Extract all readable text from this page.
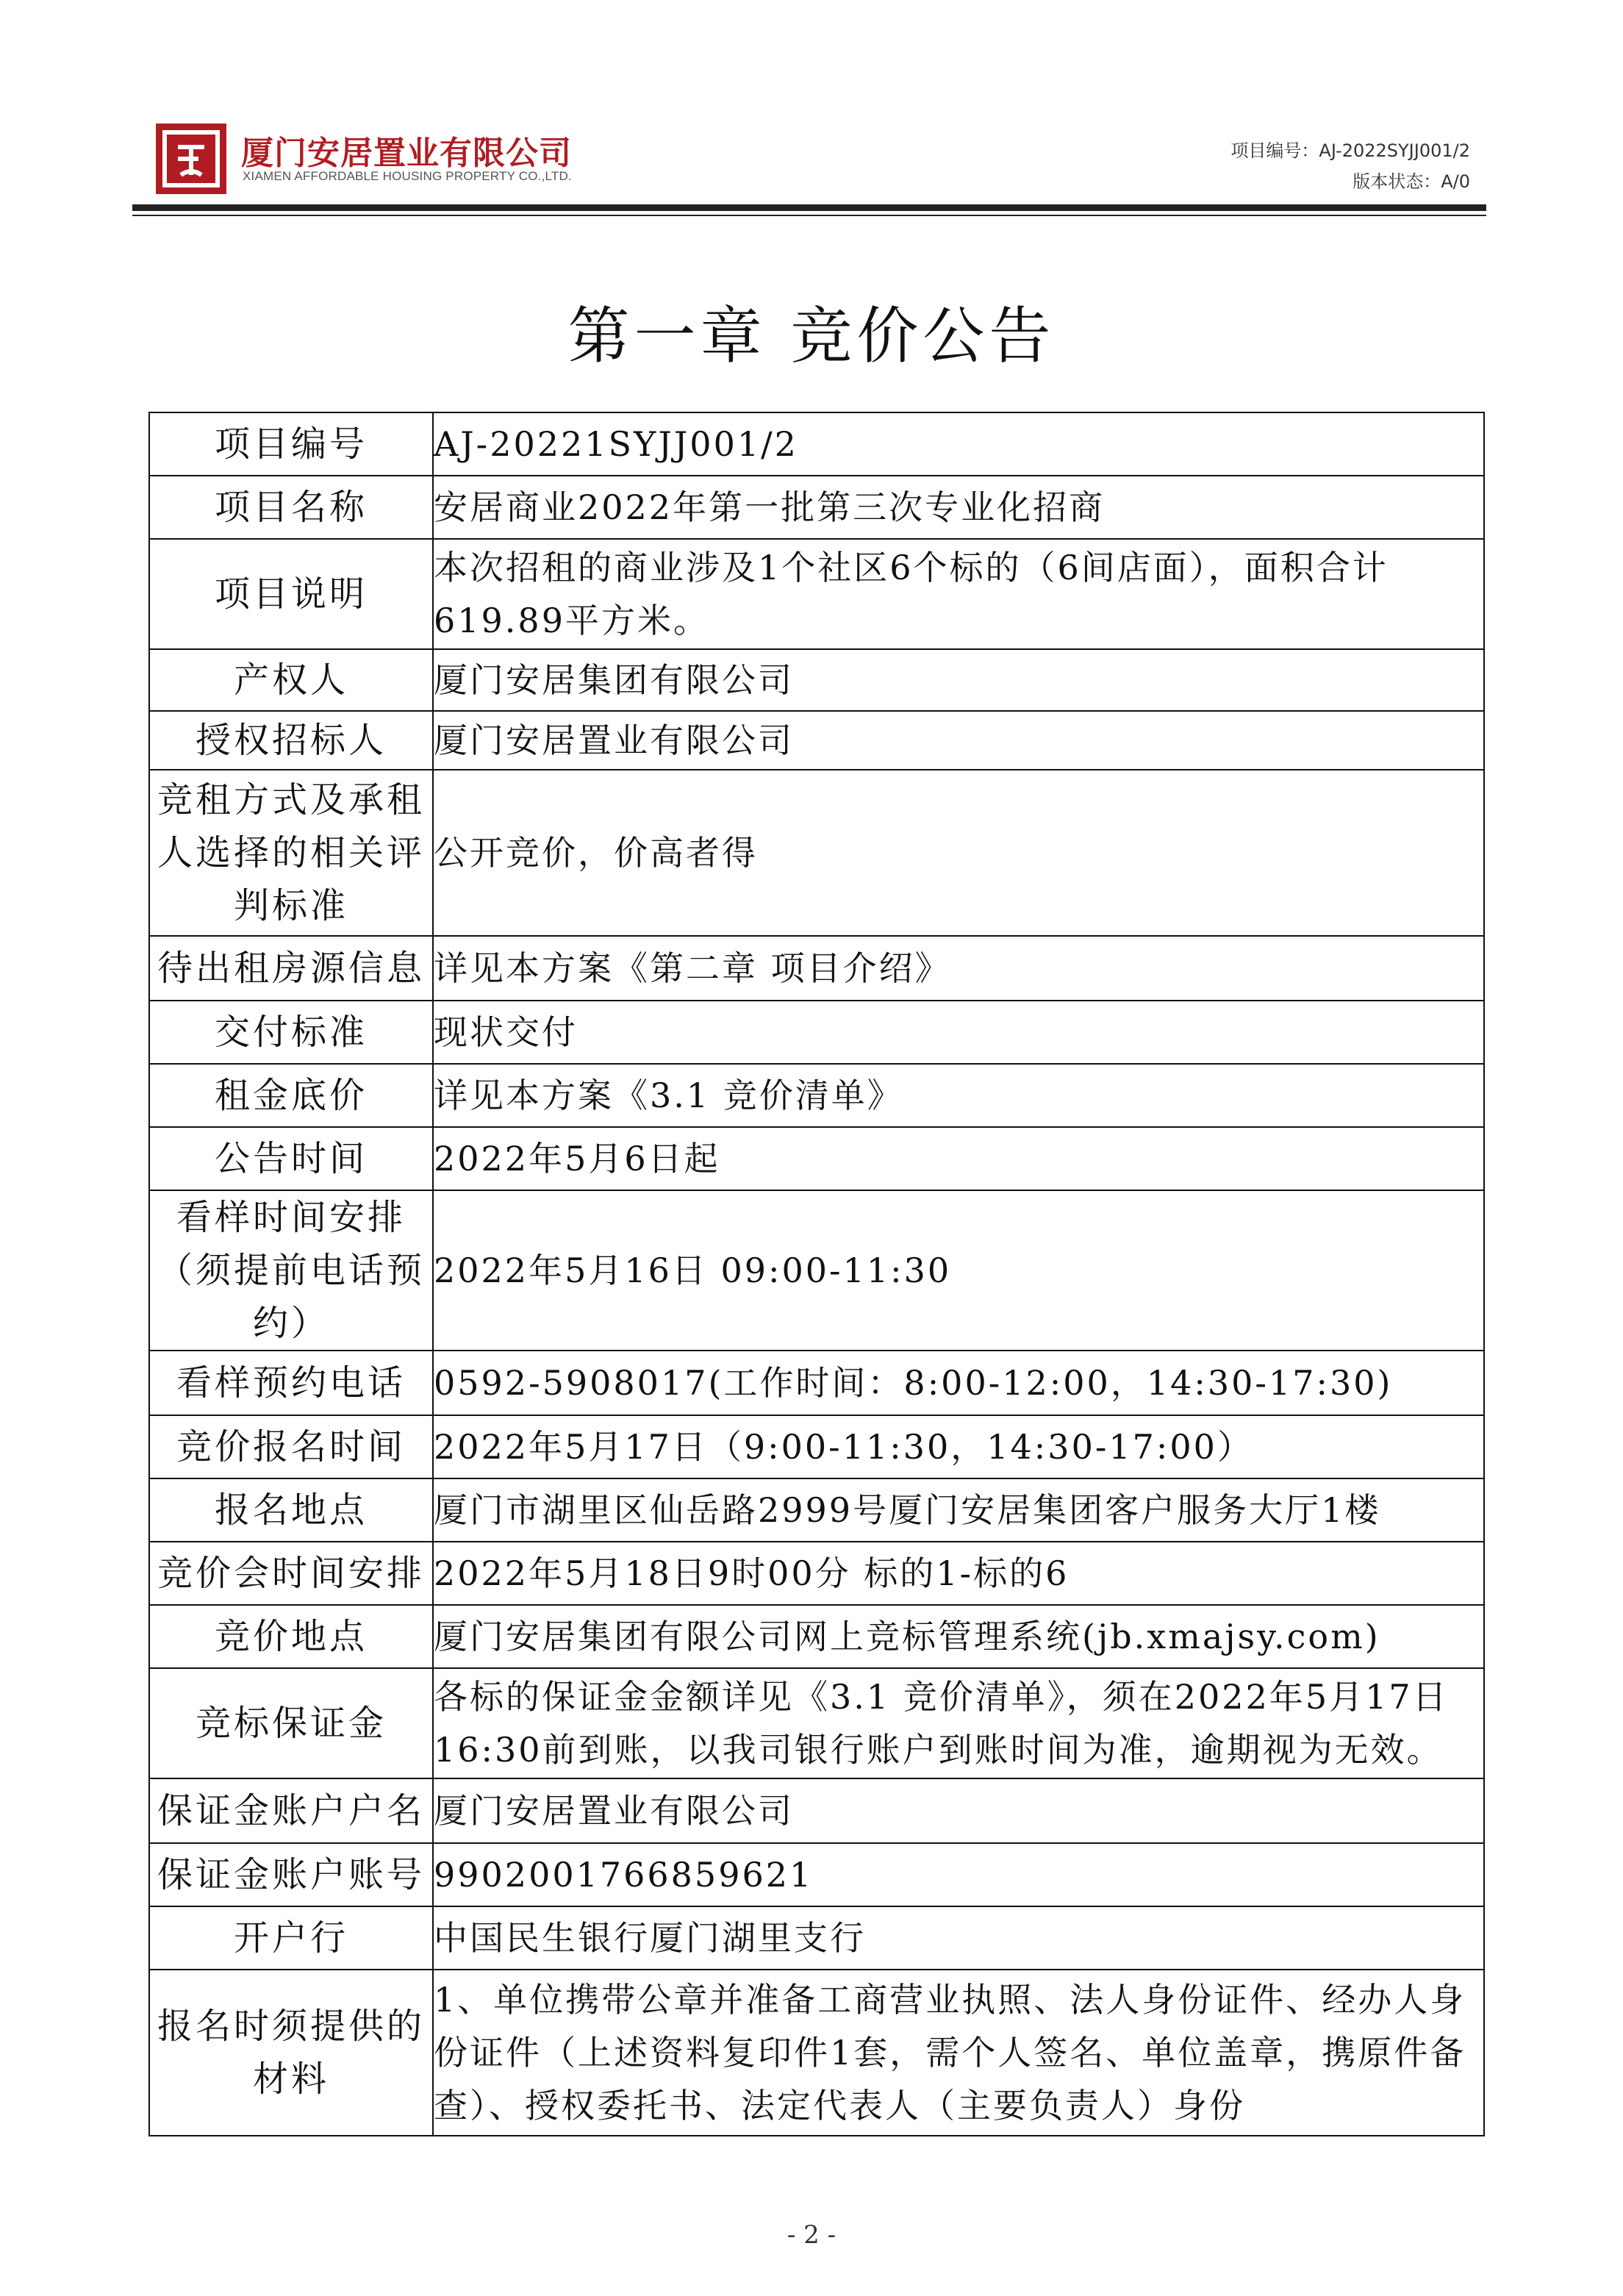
厦门安居置业有限公司
XIAMEN AFFORDABLE HOUSING PROPERTY CO.,LTD.
项目编号：AJ-2022SYJJ001/2
版本状态：A/0
第一章 竞价公告
项目编号	AJ-20221SYJJ001/2
项目名称	安居商业2022年第一批第三次专业化招商
项目说明	本次招租的商业涉及1个社区6个标的（6间店面），面积合计619.89平方米。
产权人	厦门安居集团有限公司
授权招标人	厦门安居置业有限公司
竞租方式及承租人选择的相关评判标准	公开竞价，价高者得
待出租房源信息	详见本方案《第二章 项目介绍》
交付标准	现状交付
租金底价	详见本方案《3.1 竞价清单》
公告时间	2022年5月6日起
看样时间安排（须提前电话预约）	2022年5月16日 09:00-11:30
看样预约电话	0592-5908017(工作时间：8:00-12:00，14:30-17:30)
竞价报名时间	2022年5月17日（9:00-11:30，14:30-17:00）
报名地点	厦门市湖里区仙岳路2999号厦门安居集团客户服务大厅1楼
竞价会时间安排	2022年5月18日9时00分 标的1-标的6
竞价地点	厦门安居集团有限公司网上竞标管理系统(jb.xmajsy.com)
竞标保证金	各标的保证金金额详见《3.1 竞价清单》，须在2022年5月17日16:30前到账，以我司银行账户到账时间为准，逾期视为无效。
保证金账户户名	厦门安居置业有限公司
保证金账户账号	9902001766859621
开户行	中国民生银行厦门湖里支行
报名时须提供的材料	1、单位携带公章并准备工商营业执照、法人身份证件、经办人身份证件（上述资料复印件1套，需个人签名、单位盖章，携原件备查）、授权委托书、法定代表人（主要负责人）身份
- 2 -
